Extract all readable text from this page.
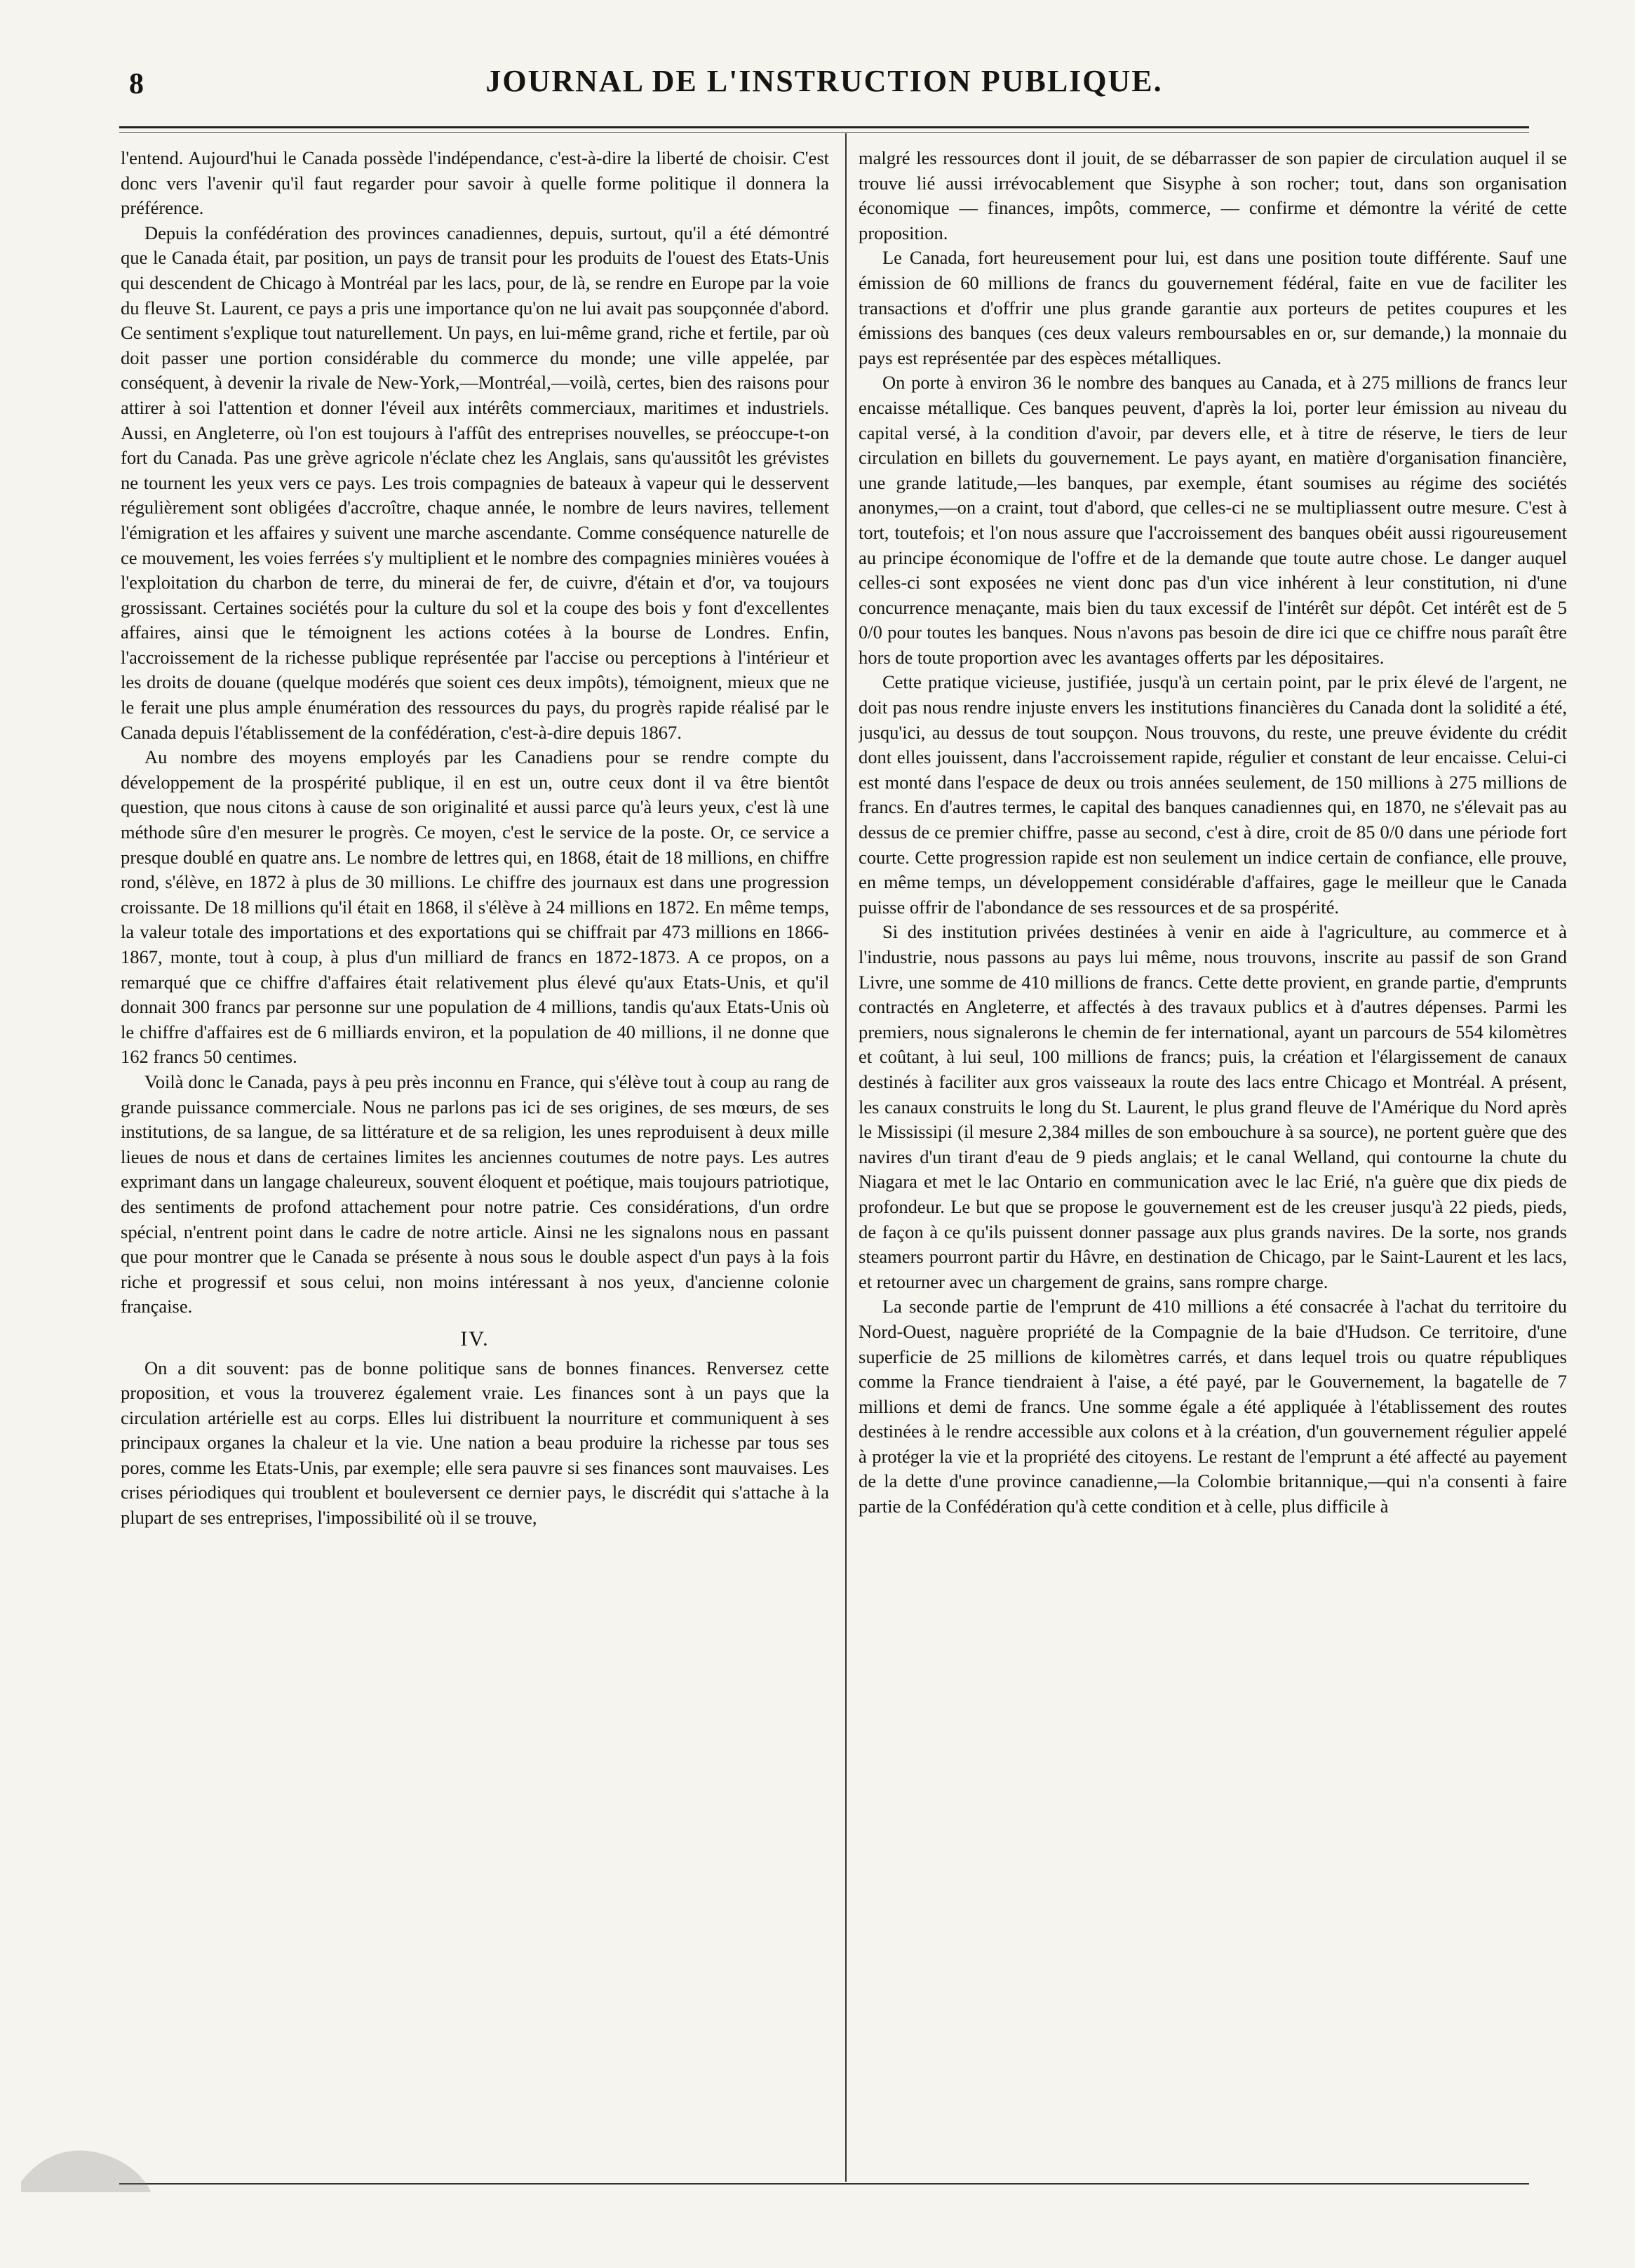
8	JOURNAL DE L'INSTRUCTION PUBLIQUE.

l'entend. Aujourd'hui le Canada possède l'indépendance, c'est-à-dire la liberté de choisir. C'est donc vers l'avenir qu'il faut regarder pour savoir à quelle forme politique il donnera la préférence.

Depuis la confédération des provinces canadiennes, depuis, surtout, qu'il a été démontré que le Canada était, par position, un pays de transit pour les produits de l'ouest des Etats-Unis qui descendent de Chicago à Montréal par les lacs, pour, de là, se rendre en Europe par la voie du fleuve St. Laurent, ce pays a pris une importance qu'on ne lui avait pas soupçonnée d'abord. Ce sentiment s'explique tout naturellement. Un pays, en lui-même grand, riche et fertile, par où doit passer une portion considérable du commerce du monde; une ville appelée, par conséquent, à devenir la rivale de New-York,—Montréal,—voilà, certes, bien des raisons pour attirer à soi l'attention et donner l'éveil aux intérêts commerciaux, maritimes et industriels. Aussi, en Angleterre, où l'on est toujours à l'affût des entreprises nouvelles, se préoccupe-t-on fort du Canada. Pas une grève agricole n'éclate chez les Anglais, sans qu'aussitôt les grévistes ne tournent les yeux vers ce pays. Les trois compagnies de bateaux à vapeur qui le desservent régulièrement sont obligées d'accroître, chaque année, le nombre de leurs navires, tellement l'émigration et les affaires y suivent une marche ascendante. Comme conséquence naturelle de ce mouvement, les voies ferrées s'y multiplient et le nombre des compagnies minières vouées à l'exploitation du charbon de terre, du minerai de fer, de cuivre, d'étain et d'or, va toujours grossissant. Certaines sociétés pour la culture du sol et la coupe des bois y font d'excellentes affaires, ainsi que le témoignent les actions cotées à la bourse de Londres. Enfin, l'accroissement de la richesse publique représentée par l'accise ou perceptions à l'intérieur et les droits de douane (quelque modérés que soient ces deux impôts), témoignent, mieux que ne le ferait une plus ample énumération des ressources du pays, du progrès rapide réalisé par le Canada depuis l'établissement de la confédération, c'est-à-dire depuis 1867.

Au nombre des moyens employés par les Canadiens pour se rendre compte du développement de la prospérité publique, il en est un, outre ceux dont il va être bientôt question, que nous citons à cause de son originalité et aussi parce qu'à leurs yeux, c'est là une méthode sûre d'en mesurer le progrès. Ce moyen, c'est le service de la poste. Or, ce service a presque doublé en quatre ans. Le nombre de lettres qui, en 1868, était de 18 millions, en chiffre rond, s'élève, en 1872 à plus de 30 millions. Le chiffre des journaux est dans une progression croissante. De 18 millions qu'il était en 1868, il s'élève à 24 millions en 1872. En même temps, la valeur totale des importations et des exportations qui se chiffrait par 473 millions en 1866-1867, monte, tout à coup, à plus d'un milliard de francs en 1872-1873. A ce propos, on a remarqué que ce chiffre d'affaires était relativement plus élevé qu'aux Etats-Unis, et qu'il donnait 300 francs par personne sur une population de 4 millions, tandis qu'aux Etats-Unis où le chiffre d'affaires est de 6 milliards environ, et la population de 40 millions, il ne donne que 162 francs 50 centimes.

Voilà donc le Canada, pays à peu près inconnu en France, qui s'élève tout à coup au rang de grande puissance commerciale. Nous ne parlons pas ici de ses origines, de ses mœurs, de ses institutions, de sa langue, de sa littérature et de sa religion, les unes reproduisent à deux mille lieues de nous et dans de certaines limites les anciennes coutumes de notre pays. Les autres exprimant dans un langage chaleureux, souvent éloquent et poétique, mais toujours patriotique, des sentiments de profond attachement pour notre patrie. Ces considérations, d'un ordre spécial, n'entrent point dans le cadre de notre article. Ainsi ne les signalons nous en passant que pour montrer que le Canada se présente à nous sous le double aspect d'un pays à la fois riche et progressif et sous celui, non moins intéressant à nos yeux, d'ancienne colonie française.

IV.

On a dit souvent: pas de bonne politique sans de bonnes finances. Renversez cette proposition, et vous la trouverez également vraie. Les finances sont à un pays que la circulation artérielle est au corps. Elles lui distribuent la nourriture et communiquent à ses principaux organes la chaleur et la vie. Une nation a beau produire la richesse par tous ses pores, comme les Etats-Unis, par exemple; elle sera pauvre si ses finances sont mauvaises. Les crises périodiques qui troublent et bouleversent ce dernier pays, le discrédit qui s'attache à la plupart de ses entreprises, l'impossibilité où il se trouve,

malgré les ressources dont il jouit, de se débarrasser de son papier de circulation auquel il se trouve lié aussi irrévocablement que Sisyphe à son rocher; tout, dans son organisation économique — finances, impôts, commerce, — confirme et démontre la vérité de cette proposition.

Le Canada, fort heureusement pour lui, est dans une position toute différente. Sauf une émission de 60 millions de francs du gouvernement fédéral, faite en vue de faciliter les transactions et d'offrir une plus grande garantie aux porteurs de petites coupures et les émissions des banques (ces deux valeurs remboursables en or, sur demande,) la monnaie du pays est représentée par des espèces métalliques.

On porte à environ 36 le nombre des banques au Canada, et à 275 millions de francs leur encaisse métallique. Ces banques peuvent, d'après la loi, porter leur émission au niveau du capital versé, à la condition d'avoir, par devers elle, et à titre de réserve, le tiers de leur circulation en billets du gouvernement. Le pays ayant, en matière d'organisation financière, une grande latitude,—les banques, par exemple, étant soumises au régime des sociétés anonymes,—on a craint, tout d'abord, que celles-ci ne se multipliassent outre mesure. C'est à tort, toutefois; et l'on nous assure que l'accroissement des banques obéit aussi rigoureusement au principe économique de l'offre et de la demande que toute autre chose. Le danger auquel celles-ci sont exposées ne vient donc pas d'un vice inhérent à leur constitution, ni d'une concurrence menaçante, mais bien du taux excessif de l'intérêt sur dépôt. Cet intérêt est de 5 0/0 pour toutes les banques. Nous n'avons pas besoin de dire ici que ce chiffre nous paraît être hors de toute proportion avec les avantages offerts par les dépositaires.

Cette pratique vicieuse, justifiée, jusqu'à un certain point, par le prix élevé de l'argent, ne doit pas nous rendre injuste envers les institutions financières du Canada dont la solidité a été, jusqu'ici, au dessus de tout soupçon. Nous trouvons, du reste, une preuve évidente du crédit dont elles jouissent, dans l'accroissement rapide, régulier et constant de leur encaisse. Celui-ci est monté dans l'espace de deux ou trois années seulement, de 150 millions à 275 millions de francs. En d'autres termes, le capital des banques canadiennes qui, en 1870, ne s'élevait pas au dessus de ce premier chiffre, passe au second, c'est à dire, croit de 85 0/0 dans une période fort courte. Cette progression rapide est non seulement un indice certain de confiance, elle prouve, en même temps, un développement considérable d'affaires, gage le meilleur que le Canada puisse offrir de l'abondance de ses ressources et de sa prospérité.

Si des institution privées destinées à venir en aide à l'agriculture, au commerce et à l'industrie, nous passons au pays lui même, nous trouvons, inscrite au passif de son Grand Livre, une somme de 410 millions de francs. Cette dette provient, en grande partie, d'emprunts contractés en Angleterre, et affectés à des travaux publics et à d'autres dépenses. Parmi les premiers, nous signalerons le chemin de fer international, ayant un parcours de 554 kilomètres et coûtant, à lui seul, 100 millions de francs; puis, la création et l'élargissement de canaux destinés à faciliter aux gros vaisseaux la route des lacs entre Chicago et Montréal. A présent, les canaux construits le long du St. Laurent, le plus grand fleuve de l'Amérique du Nord après le Mississipi (il mesure 2,384 milles de son embouchure à sa source), ne portent guère que des navires d'un tirant d'eau de 9 pieds anglais; et le canal Welland, qui contourne la chute du Niagara et met le lac Ontario en communication avec le lac Erié, n'a guère que dix pieds de profondeur. Le but que se propose le gouvernement est de les creuser jusqu'à 22 pieds, pieds, de façon à ce qu'ils puissent donner passage aux plus grands navires. De la sorte, nos grands steamers pourront partir du Hâvre, en destination de Chicago, par le Saint-Laurent et les lacs, et retourner avec un chargement de grains, sans rompre charge.

La seconde partie de l'emprunt de 410 millions a été consacrée à l'achat du territoire du Nord-Ouest, naguère propriété de la Compagnie de la baie d'Hudson. Ce territoire, d'une superficie de 25 millions de kilomètres carrés, et dans lequel trois ou quatre républiques comme la France tiendraient à l'aise, a été payé, par le Gouvernement, la bagatelle de 7 millions et demi de francs. Une somme égale a été appliquée à l'établissement des routes destinées à le rendre accessible aux colons et à la création, d'un gouvernement régulier appelé à protéger la vie et la propriété des citoyens. Le restant de l'emprunt a été affecté au payement de la dette d'une province canadienne,—la Colombie britannique,—qui n'a consenti à faire partie de la Confédération qu'à cette condition et à celle, plus difficile à
